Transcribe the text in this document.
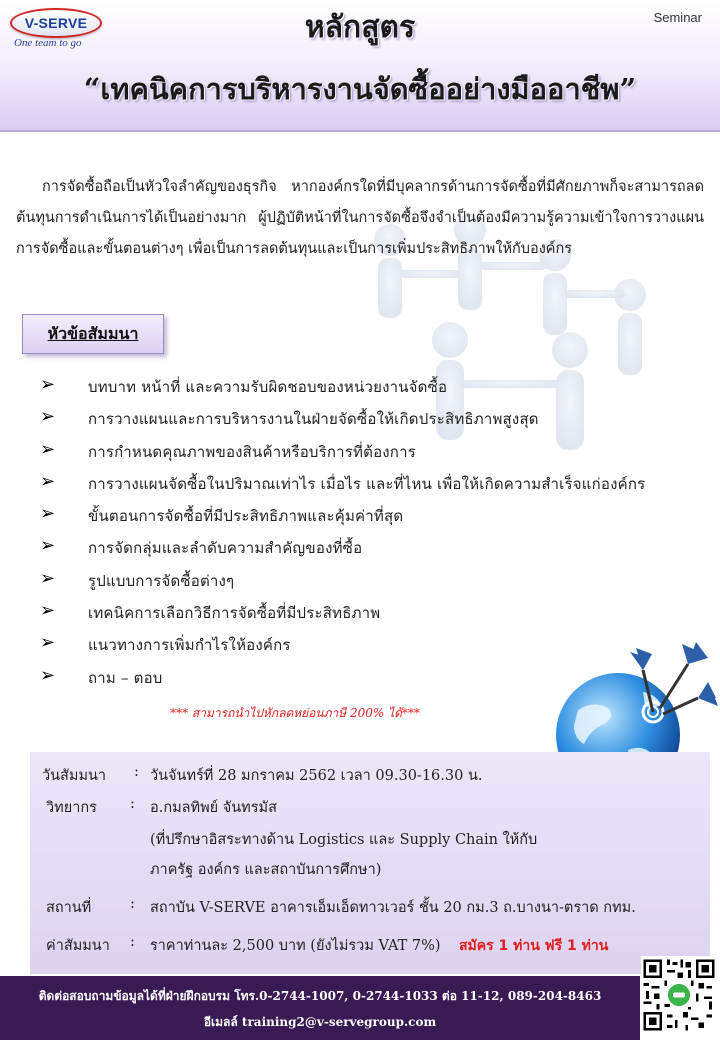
V-SERVE
One team to go	หลักสูตร	Seminar
“เทคนิคการบริหารงานจัดซื้ออย่างมืออาชีพ”
การจัดซื้อถือเป็นหัวใจลำคัญของธุรกิจ หากองค์กรใดที่มีบุคลากรด้านการจัดซื้อที่มีศักยภาพก็จะสามารถลดต้นทุนการดำเนินการได้เป็นอย่างมาก ผู้ปฏิบัติหน้าที่ในการจัดซื้อจึงจำเป็นต้องมีความรู้ความเข้าใจการวางแผนการจัดซื้อและขั้นตอนต่างๆ เพื่อเป็นการลดต้นทุนและเป็นการเพิ่มประสิทธิภาพให้กับองค์กร
หัวข้อสัมมนา
➢	บทบาท หน้าที่ และความรับผิดชอบของหน่วยงานจัดซื้อ
➢	การวางแผนและการบริหารงานในฝ่ายจัดซื้อให้เกิดประสิทธิภาพสูงสุด
➢	การกำหนดคุณภาพของสินค้าหรือบริการที่ต้องการ
➢	การวางแผนจัดซื้อในปริมาณเท่าไร เมื่อไร และที่ไหน เพื่อให้เกิดความสำเร็จแก่องค์กร
➢	ขั้นตอนการจัดซื้อที่มีประสิทธิภาพและคุ้มค่าที่สุด
➢	การจัดกลุ่มและลำดับความสำคัญของที่ซื้อ
➢	รูปแบบการจัดซื้อต่างๆ
➢	เทคนิคการเลือกวิธีการจัดซื้อที่มีประสิทธิภาพ
➢	แนวทางการเพิ่มกำไรให้องค์กร
➢	ถาม – ตอบ
*** สามารถนำไปหักลดหย่อนภาษี 200% ได้***
วันสัมมนา : วันจันทร์ที่ 28 มกราคม 2562 เวลา 09.30-16.30 น.
วิทยากร : อ.กมลทิพย์ จันทรมัส
(ที่ปรึกษาอิสระทางด้าน Logistics และ Supply Chain ให้กับ
ภาครัฐ องค์กร และสถาบันการศึกษา)
สถานที่	: สถาบัน V-SERVE อาคารเอ็มเอ็ดทาวเวอร์ ชั้น 20 กม.3 ถ.บางนา-ตราด กทม.
ค่าสัมมนา : ราคาท่านละ 2,500 บาท (ยังไม่รวม VAT 7%) สมัคร 1 ท่าน ฟรี 1 ท่าน
ติดต่อสอบถามข้อมูลได้ที่ฝ่ายฝึกอบรม โทร.0-2744-1007, 0-2744-1033 ต่อ 11-12, 089-204-8463
อีเมลล์ training2@v-servegroup.com
